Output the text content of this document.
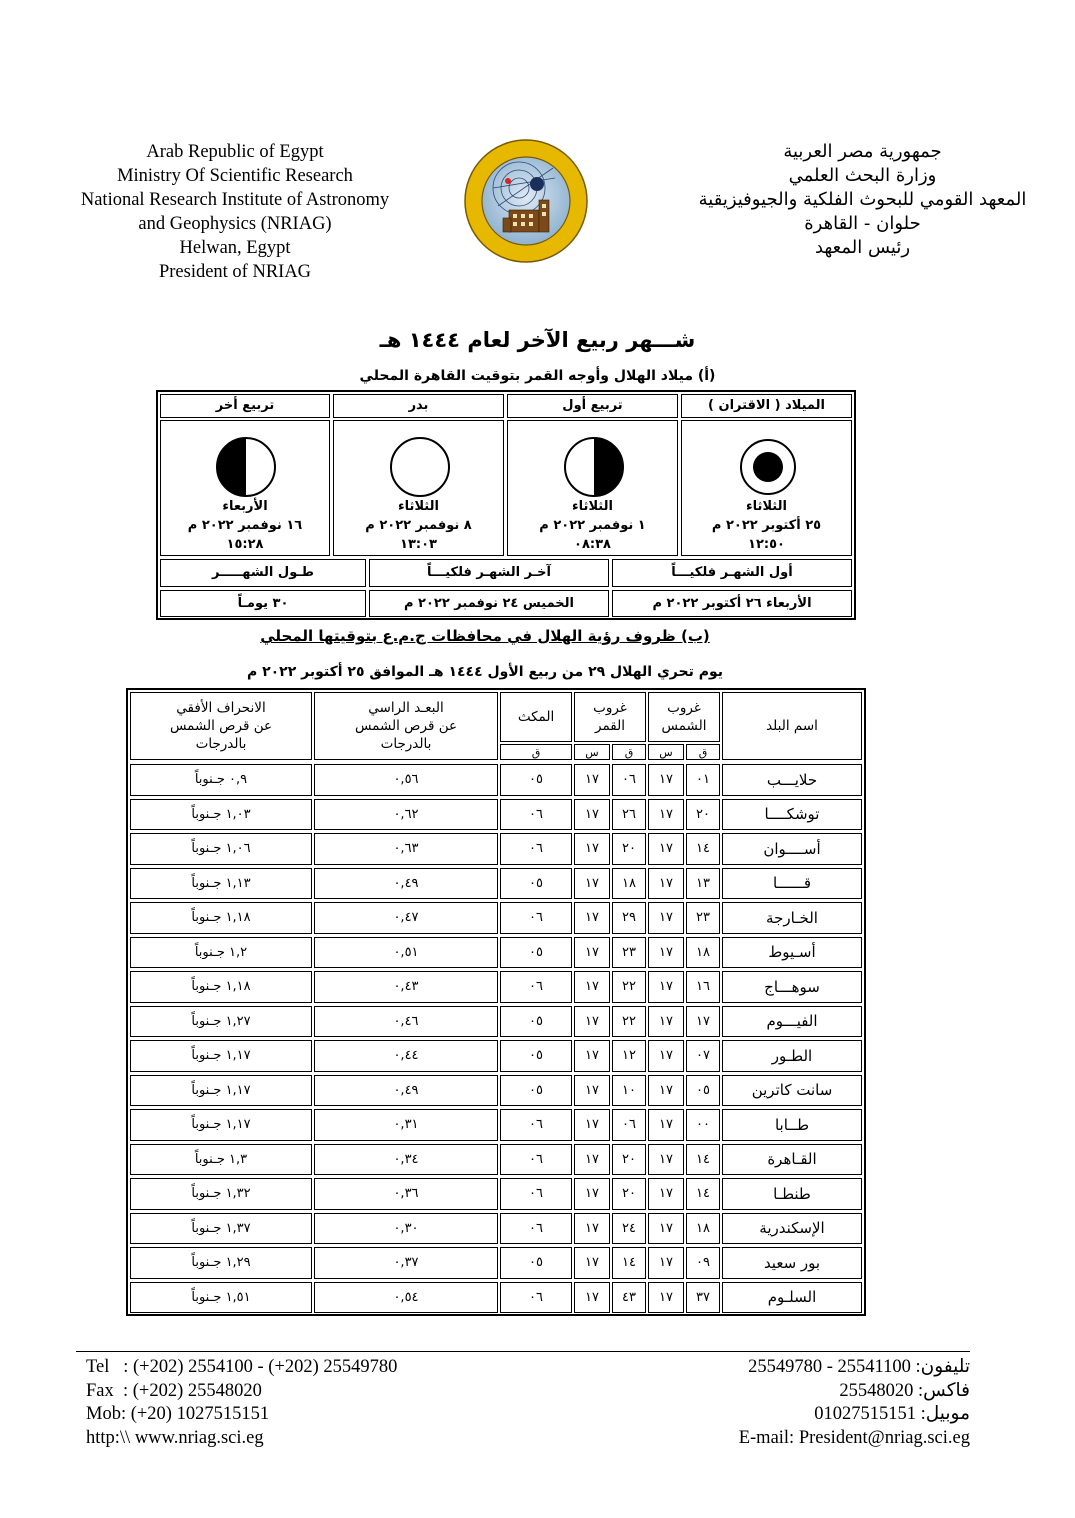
Arab Republic of Egypt
Ministry Of Scientific Research
National Research Institute of Astronomy
and Geophysics (NRIAG)
Helwan, Egypt
President of NRIAG
جمهورية مصر العربية
وزارة البحث العلمي
المعهد القومي للبحوث الفلكية والجيوفيزيقية
حلوان - القاهرة
رئيس المعهد
شـــهر ربيع الآخر لعام ١٤٤٤ هـ
(أ) ميلاد الهلال وأوجه القمر بتوقيت القاهرة المحلي
الميلاد ( الاقتران )
تربيع أول
بدر
تربيع أخر
الثلاثاء
٢٥ أكتوبر ٢٠٢٢ م
١٢:٥٠
الثلاثاء
١ نوفمبر ٢٠٢٢ م
٠٨:٣٨
الثلاثاء
٨ نوفمبر ٢٠٢٢ م
١٣:٠٣
الأربعاء
١٦ نوفمبر ٢٠٢٢ م
١٥:٢٨
أول الشهـر فلكيـــاً
آخـر الشهـر فلكيـــاً
طـول الشهـــــر
الأربعاء ٢٦ أكتوبر ٢٠٢٢ م
الخميس ٢٤ نوفمبر ٢٠٢٢ م
٣٠ يومـاً
(ب) ظروف رؤية الهلال في محافظات ج.م.ع بتوقيتها المحلي
يوم تحري الهلال ٢٩ من ربيع الأول ١٤٤٤ هـ الموافق ٢٥ أكتوبر ٢٠٢٢ م
اسم البلد
غروب
الشمس
غروب
القمر
ق
س
ق
س
المكث
ق
البعـد الراسي
عن قرص الشمس
بالدرجات
الانحراف الأفقي
عن قرص الشمس
بالدرجات
حلايـــب
٠١
١٧
٠٦
١٧
٠٥
٠,٥٦
٠,٩ جـنوباً
توشكــــا
٢٠
١٧
٢٦
١٧
٠٦
٠,٦٢
١,٠٣ جـنوباً
أســــوان
١٤
١٧
٢٠
١٧
٠٦
٠,٦٣
١,٠٦ جـنوباً
قــــــا
١٣
١٧
١٨
١٧
٠٥
٠,٤٩
١,١٣ جـنوباً
الخـارجة
٢٣
١٧
٢٩
١٧
٠٦
٠,٤٧
١,١٨ جـنوباً
أسـيوط
١٨
١٧
٢٣
١٧
٠٥
٠,٥١
١,٢ جـنوباً
سوهـــاج
١٦
١٧
٢٢
١٧
٠٦
٠,٤٣
١,١٨ جـنوباً
الفيـــوم
١٧
١٧
٢٢
١٧
٠٥
٠,٤٦
١,٢٧ جـنوباً
الطـور
٠٧
١٧
١٢
١٧
٠٥
٠,٤٤
١,١٧ جـنوباً
سانت كاترين
٠٥
١٧
١٠
١٧
٠٥
٠,٤٩
١,١٧ جـنوباً
طــابا
٠٠
١٧
٠٦
١٧
٠٦
٠,٣١
١,١٧ جـنوباً
القـاهرة
١٤
١٧
٢٠
١٧
٠٦
٠,٣٤
١,٣ جـنوباً
طنطـا
١٤
١٧
٢٠
١٧
٠٦
٠,٣٦
١,٣٢ جـنوباً
الإسكندرية
١٨
١٧
٢٤
١٧
٠٦
٠,٣٠
١,٣٧ جـنوباً
بور سعيد
٠٩
١٧
١٤
١٧
٠٥
٠,٣٧
١,٢٩ جـنوباً
السلـوم
٣٧
١٧
٤٣
١٧
٠٦
٠,٥٤
١,٥١ جـنوباً
Tel   : (+202) 2554100 - (+202) 25549780
Fax  : (+202) 25548020
Mob: (+20) 1027515151
http:\\ www.nriag.sci.eg
تليفون: 25541100 - 25549780
فاكس: 25548020
موبيل: 01027515151
E-mail: President@nriag.sci.eg
